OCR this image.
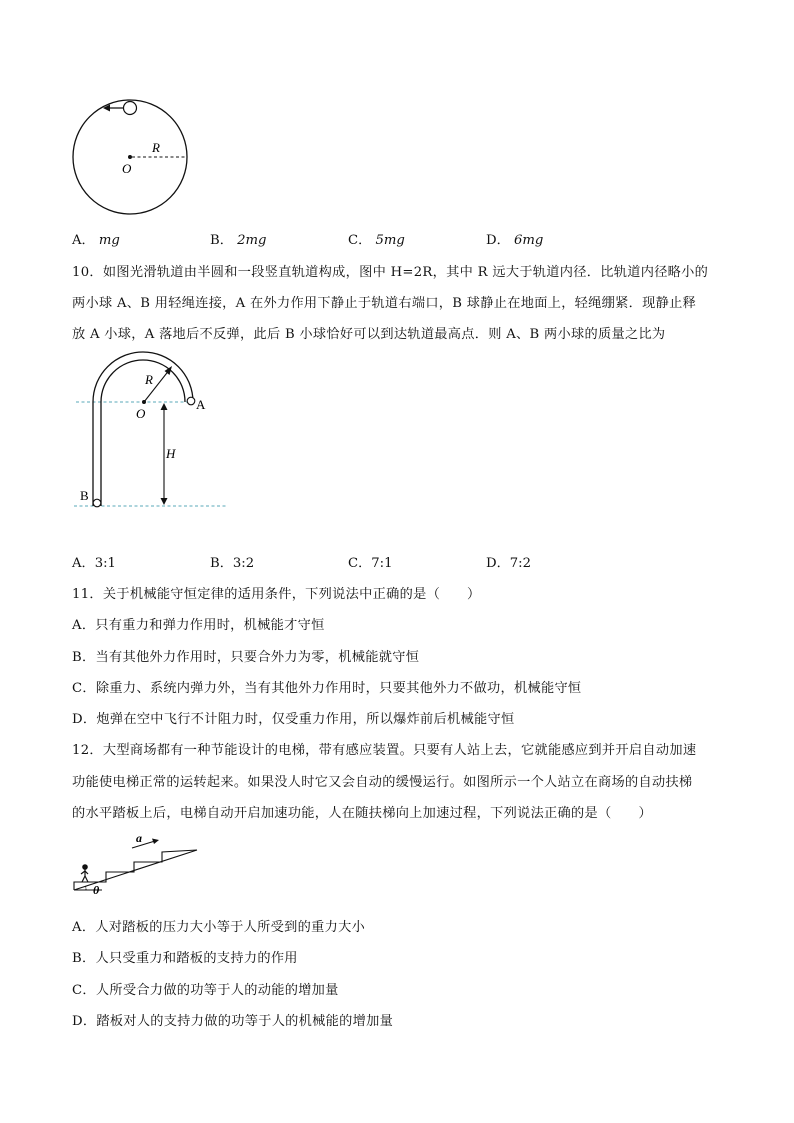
R
O
A． mg	B． 2mg	C． 5mg	D． 6mg
10．如图光滑轨道由半圆和一段竖直轨道构成，图中 H=2R，其中 R 远大于轨道内径．比轨道内径略小的
两小球 A、B 用轻绳连接，A 在外力作用下静止于轨道右端口，B 球静止在地面上，轻绳绷紧．现静止释
放 A 小球，A 落地后不反弹，此后 B 小球恰好可以到达轨道最高点．则 A、B 两小球的质量之比为
R
O
A
B
H
A．3:1	B．3:2	C．7:1	D．7:2
11．关于机械能守恒定律的适用条件，下列说法中正确的是（　　）
A．只有重力和弹力作用时，机械能才守恒
B．当有其他外力作用时，只要合外力为零，机械能就守恒
C．除重力、系统内弹力外，当有其他外力作用时，只要其他外力不做功，机械能守恒
D．炮弹在空中飞行不计阻力时，仅受重力作用，所以爆炸前后机械能守恒
12．大型商场都有一种节能设计的电梯，带有感应装置。只要有人站上去，它就能感应到并开启自动加速
功能使电梯正常的运转起来。如果没人时它又会自动的缓慢运行。如图所示一个人站立在商场的自动扶梯
的水平踏板上后，电梯自动开启加速功能，人在随扶梯向上加速过程，下列说法正确的是（　　）
a
θ
A．人对踏板的压力大小等于人所受到的重力大小
B．人只受重力和踏板的支持力的作用
C．人所受合力做的功等于人的动能的增加量
D．踏板对人的支持力做的功等于人的机械能的增加量
